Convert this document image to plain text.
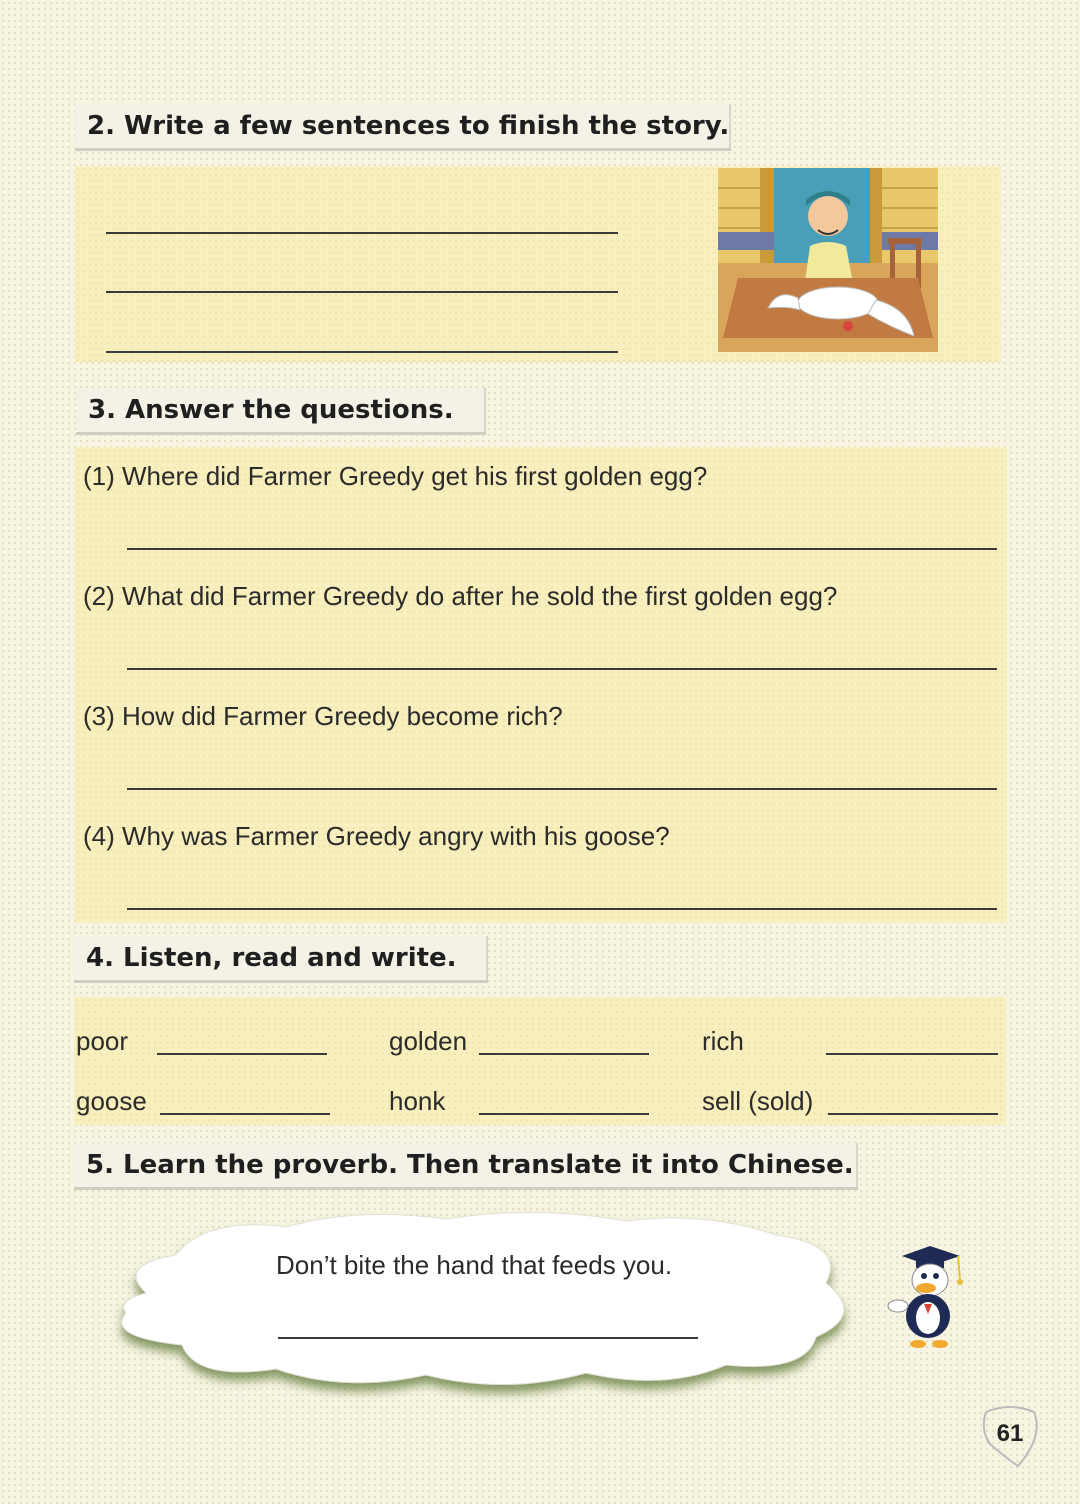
2. Write a few sentences to finish the story.
3. Answer the questions.
(1) Where did Farmer Greedy get his first golden egg?
(2) What did Farmer Greedy do after he sold the first golden egg?
(3) How did Farmer Greedy become rich?
(4) Why was Farmer Greedy angry with his goose?
4. Listen, read and write.
poor	golden	rich
goose	honk	sell (sold)
5. Learn the proverb. Then translate it into Chinese.
Don’t bite the hand that feeds you.
61
